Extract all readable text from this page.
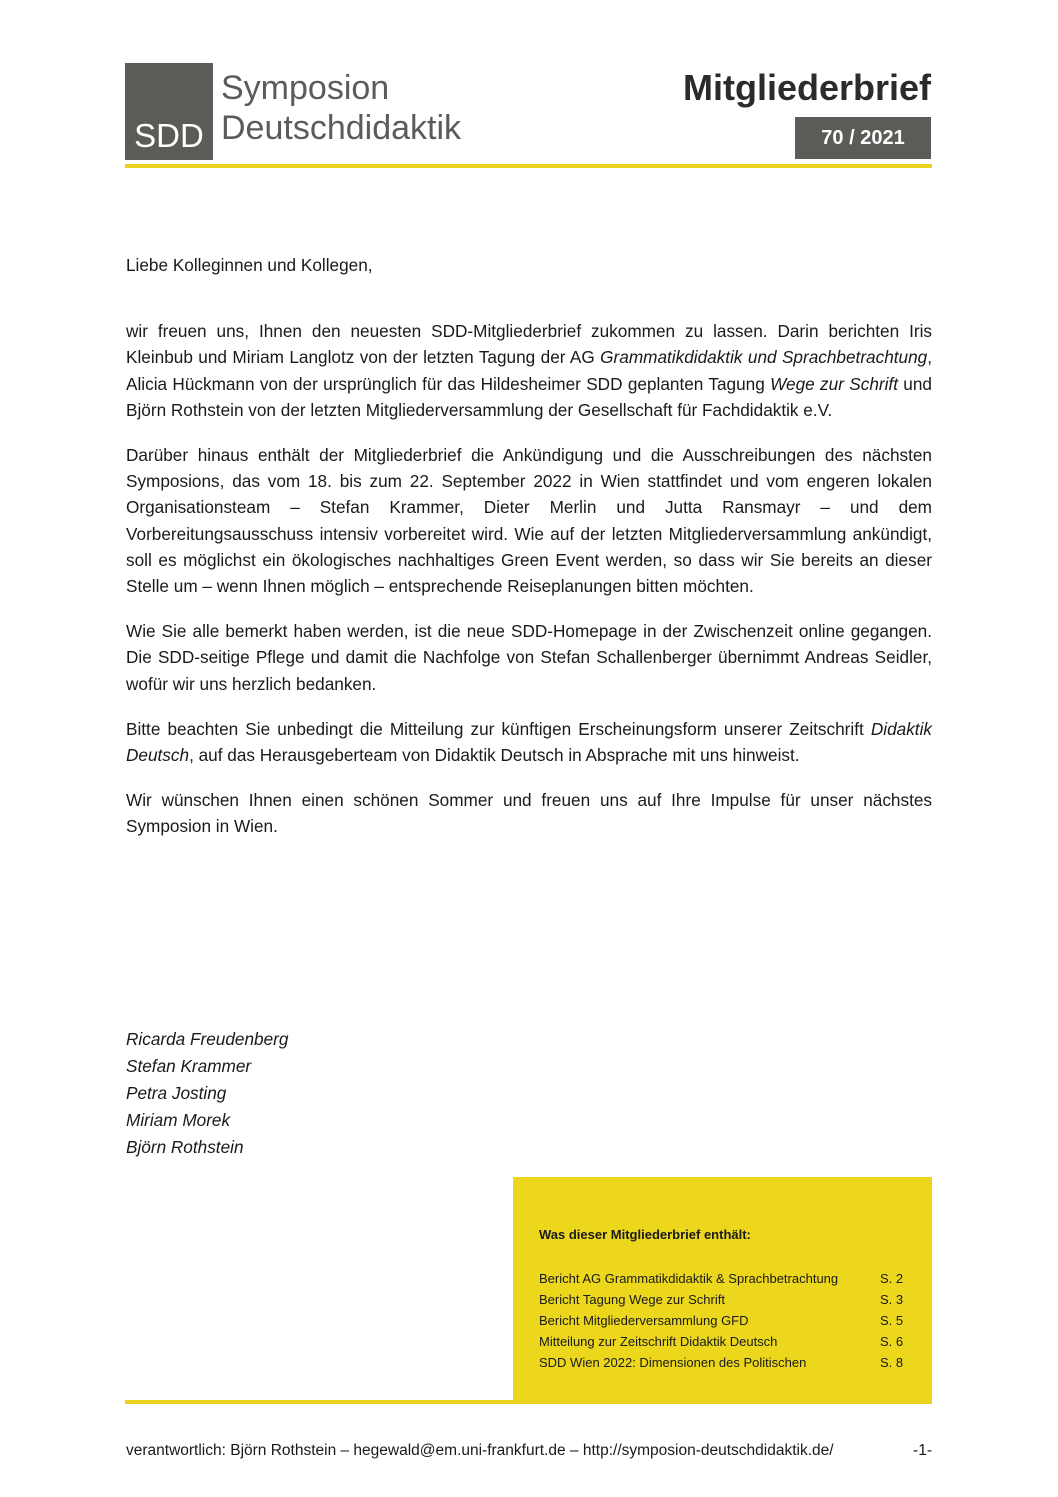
SDD
Symposion
Deutschdidaktik
Mitgliederbrief
70 / 2021

Liebe Kolleginnen und Kollegen,

wir freuen uns, Ihnen den neuesten SDD-Mitgliederbrief zukommen zu lassen. Darin berichten Iris Kleinbub und Miriam Langlotz von der letzten Tagung der AG Grammatikdidaktik und Sprachbetrachtung, Alicia Hückmann von der ursprünglich für das Hildesheimer SDD geplanten Tagung Wege zur Schrift und Björn Rothstein von der letzten Mitgliederversammlung der Gesellschaft für Fachdidaktik e.V.

Darüber hinaus enthält der Mitgliederbrief die Ankündigung und die Ausschreibungen des nächsten Symposions, das vom 18. bis zum 22. September 2022 in Wien stattfindet und vom engeren lokalen Organisationsteam – Stefan Krammer, Dieter Merlin und Jutta Ransmayr – und dem Vorbereitungsausschuss intensiv vorbereitet wird. Wie auf der letzten Mitgliederversammlung ankündigt, soll es möglichst ein ökologisches nachhaltiges Green Event werden, so dass wir Sie bereits an dieser Stelle um – wenn Ihnen möglich – entsprechende Reiseplanungen bitten möchten.

Wie Sie alle bemerkt haben werden, ist die neue SDD-Homepage in der Zwischenzeit online gegangen. Die SDD-seitige Pflege und damit die Nachfolge von Stefan Schallenberger übernimmt Andreas Seidler, wofür wir uns herzlich bedanken.

Bitte beachten Sie unbedingt die Mitteilung zur künftigen Erscheinungsform unserer Zeitschrift Didaktik Deutsch, auf das Herausgeberteam von Didaktik Deutsch in Absprache mit uns hinweist.

Wir wünschen Ihnen einen schönen Sommer und freuen uns auf Ihre Impulse für unser nächstes Symposion in Wien.

Ricarda Freudenberg
Stefan Krammer
Petra Josting
Miriam Morek
Björn Rothstein
Was dieser Mitgliederbrief enthält:
Bericht AG Grammatikdidaktik & Sprachbetrachtung	S. 2
Bericht Tagung Wege zur Schrift	S. 3
Bericht Mitgliederversammlung GFD	S. 5
Mitteilung zur Zeitschrift Didaktik Deutsch	S. 6
SDD Wien 2022: Dimensionen des Politischen	S. 8
verantwortlich: Björn Rothstein – hegewald@em.uni-frankfurt.de – http://symposion-deutschdidaktik.de/	-1-
